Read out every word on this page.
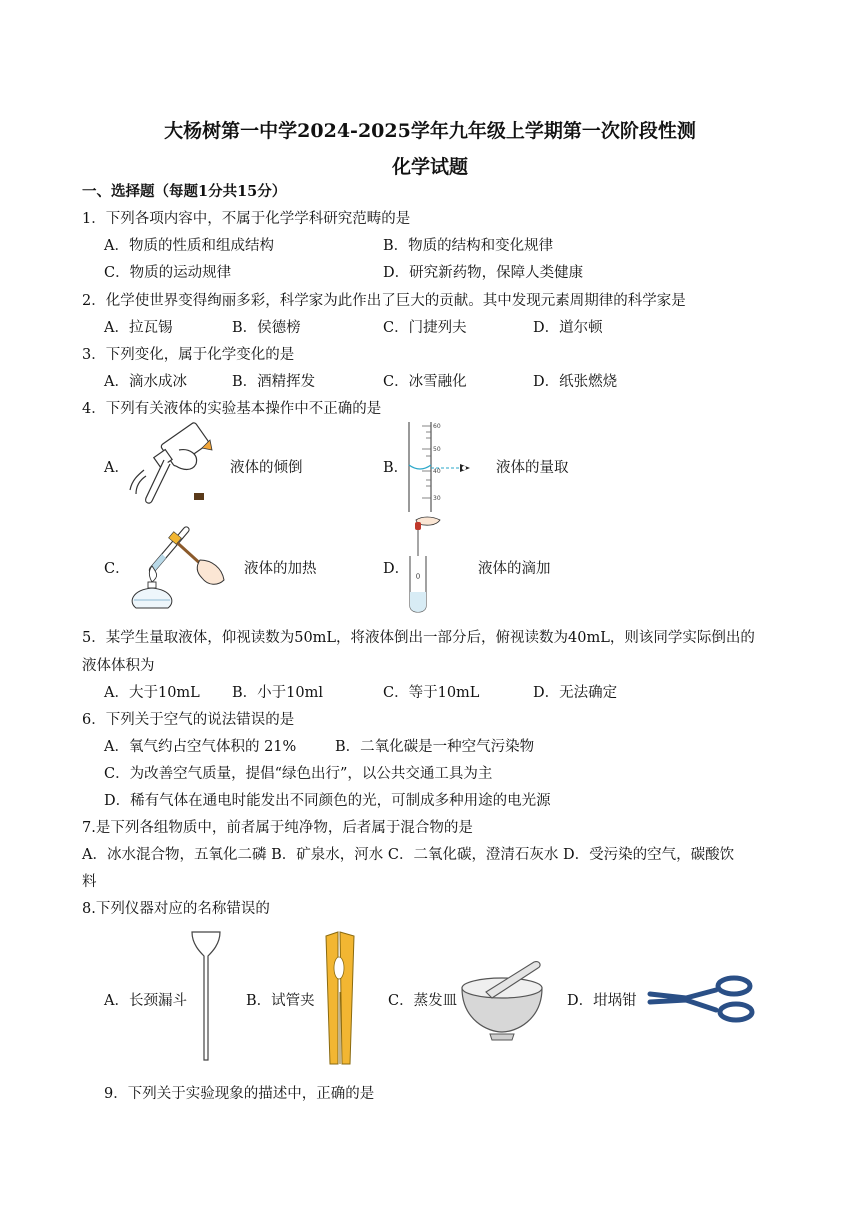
大杨树第一中学2024-2025学年九年级上学期第一次阶段性测
化学试题
一、选择题（每题1分共15分）
1．下列各项内容中，不属于化学学科研究范畴的是
A．物质的性质和组成结构	B．物质的结构和变化规律
C．物质的运动规律	D．研究新药物，保障人类健康
2．化学使世界变得绚丽多彩，科学家为此作出了巨大的贡献。其中发现元素周期律的科学家是
A．拉瓦锡	B．侯德榜	C．门捷列夫	D．道尔顿
3．下列变化，属于化学变化的是
A．滴水成冰	B．酒精挥发	C．冰雪融化	D．纸张燃烧
4．下列有关液体的实验基本操作中不正确的是
A．	液体的倾倒	B．
60
50
40
30
液体的量取
C．	液体的加热	D．	液体的滴加
5．某学生量取液体，仰视读数为50mL，将液体倒出一部分后，俯视读数为40mL，则该同学实际倒出的
液体体积为
A．大于10mL B．小于10ml	C．等于10mL	D．无法确定
6．下列关于空气的说法错误的是
A．氧气约占空气体积的 21%	B．二氧化碳是一种空气污染物
C．为改善空气质量，提倡“绿色出行”，以公共交通工具为主
D．稀有气体在通电时能发出不同颜色的光，可制成多种用途的电光源
7.是下列各组物质中，前者属于纯净物，后者属于混合物的是
A．冰水混合物，五氧化二磷 B．矿泉水，河水 C．二氧化碳，澄清石灰水 D．受污染的空气，碳酸饮
料
8.下列仪器对应的名称错误的
A．长颈漏斗	B．试管夹	C．蒸发皿	D．坩埚钳
9．下列关于实验现象的描述中，正确的是
